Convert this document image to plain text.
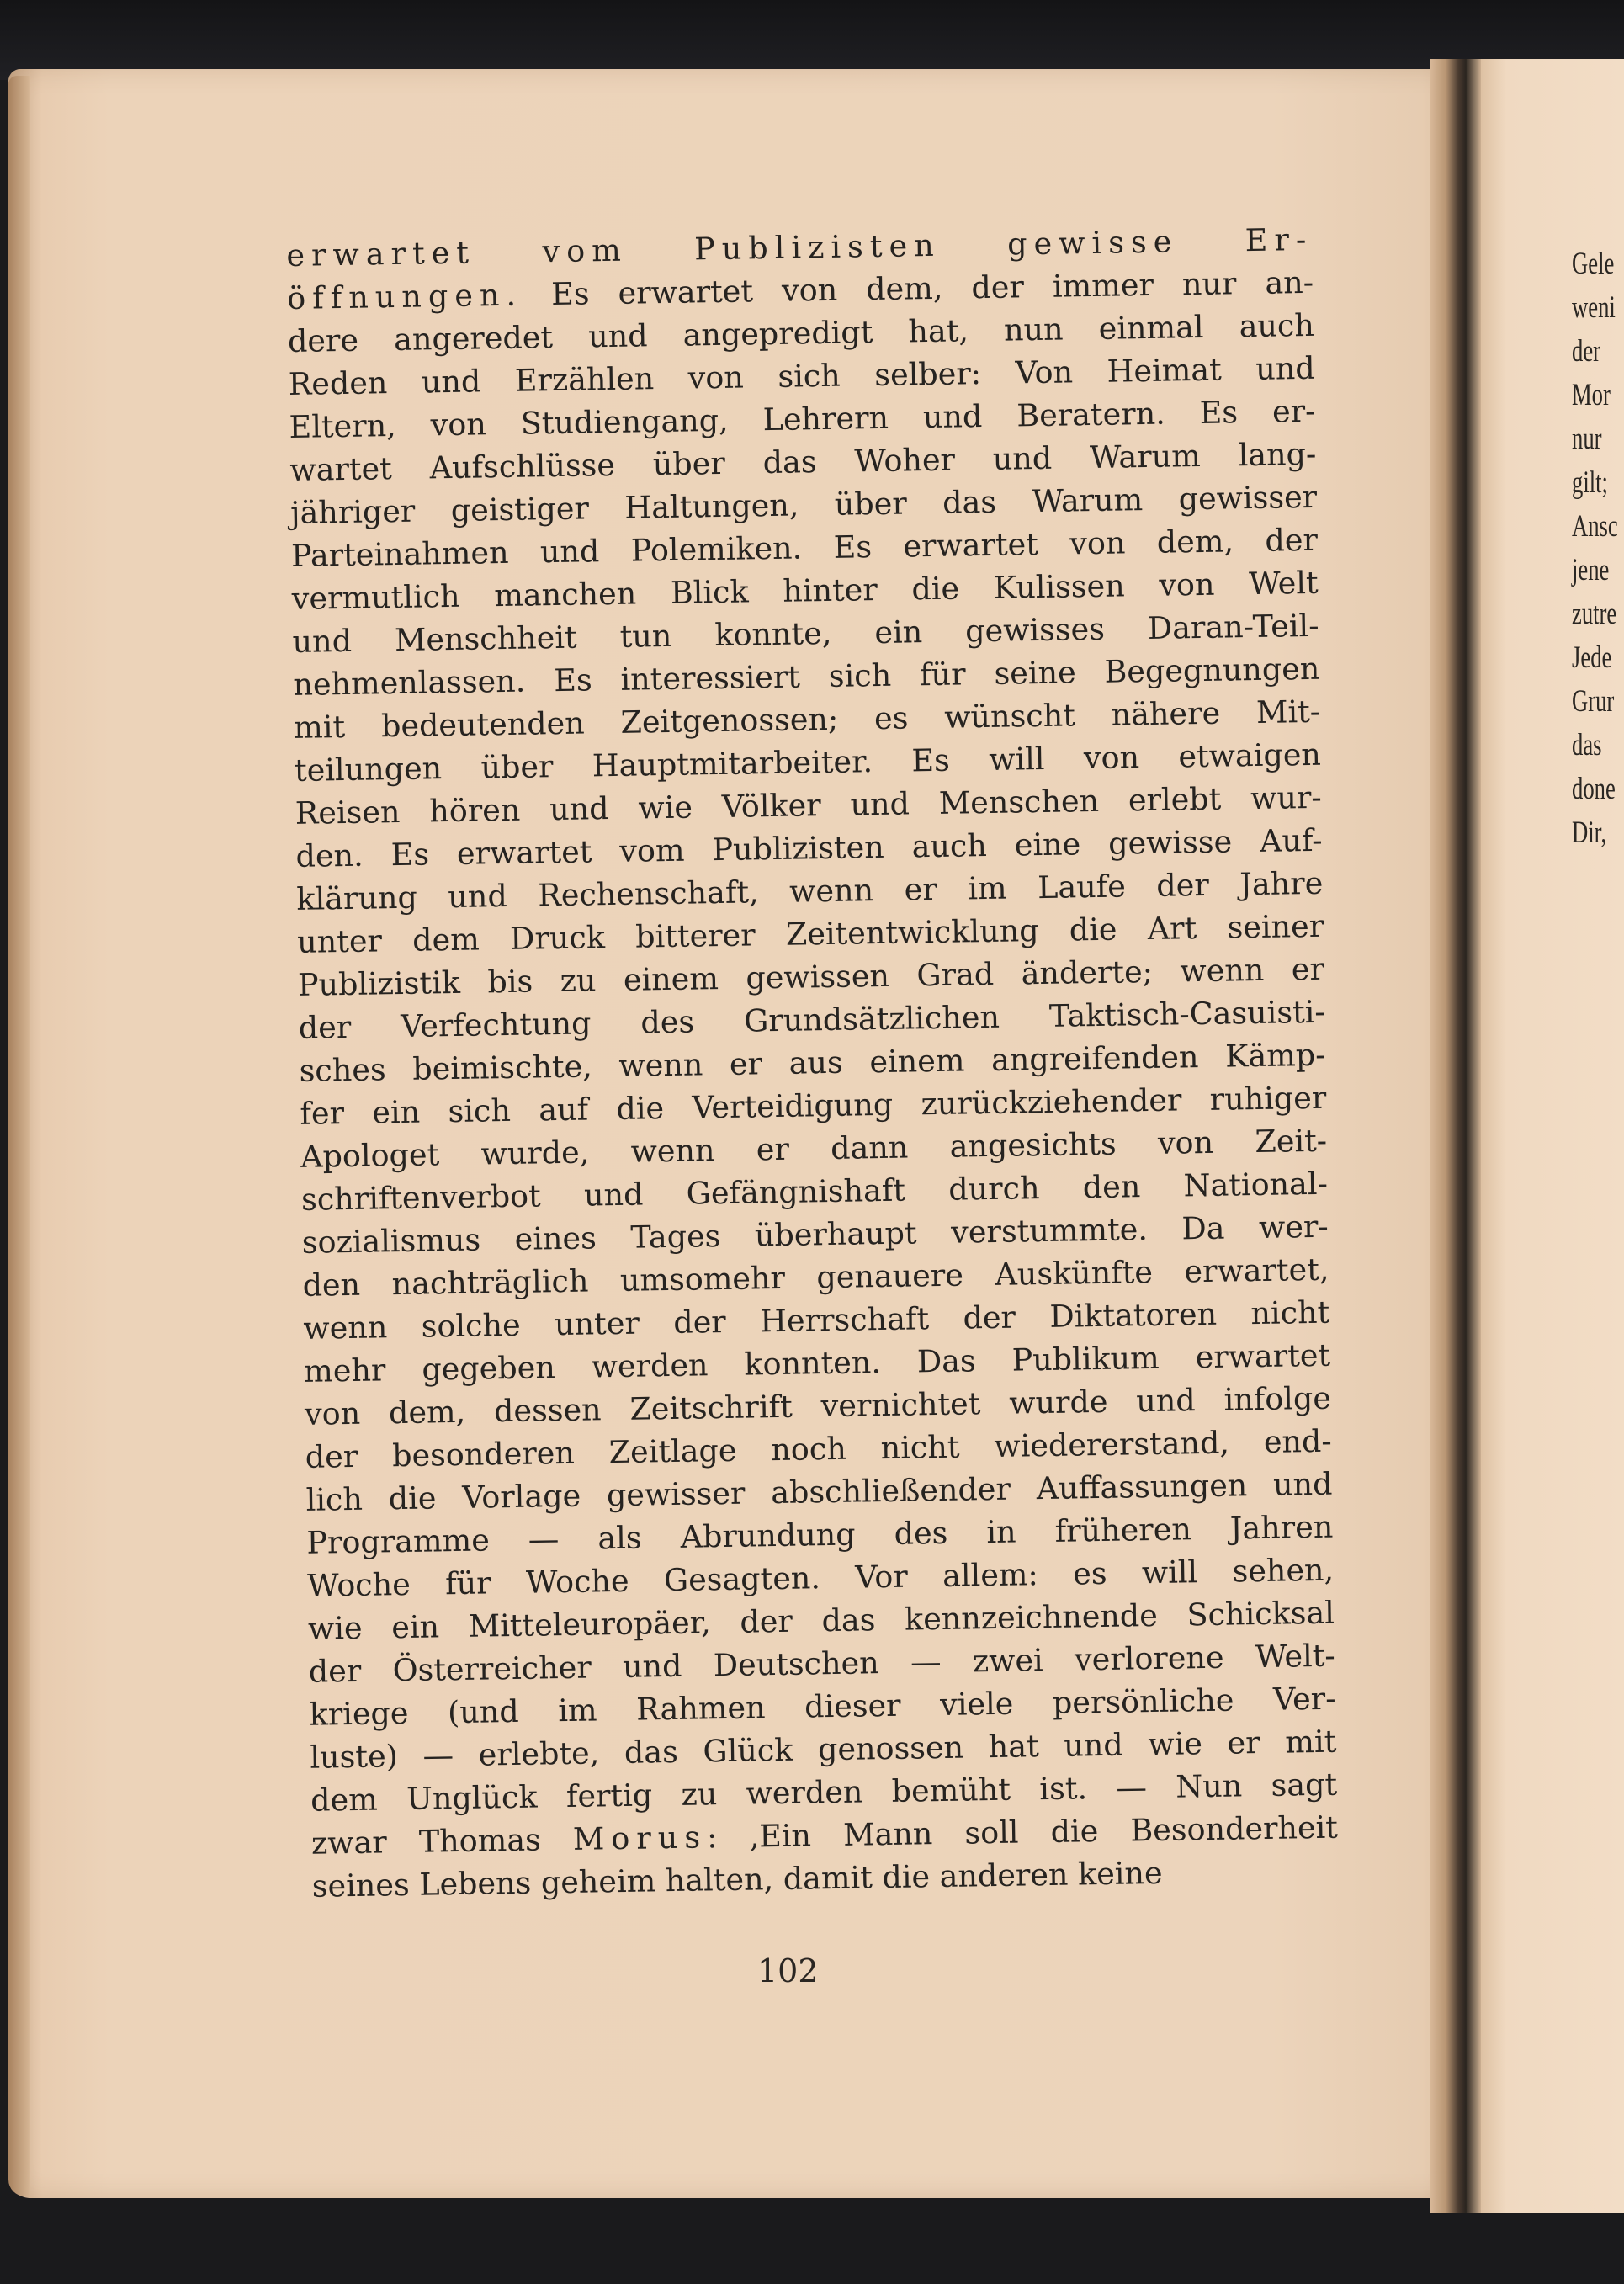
erwartet vom Publizisten gewisse Er-
öffnungen. Es erwartet von dem, der immer nur an-
dere angeredet und angepredigt hat, nun einmal auch
Reden und Erzählen von sich selber: Von Heimat und
Eltern, von Studiengang, Lehrern und Beratern. Es er-
wartet Aufschlüsse über das Woher und Warum lang-
jähriger geistiger Haltungen, über das Warum gewisser
Parteinahmen und Polemiken. Es erwartet von dem, der
vermutlich manchen Blick hinter die Kulissen von Welt
und Menschheit tun konnte, ein gewisses Daran-Teil-
nehmenlassen. Es interessiert sich für seine Begegnungen
mit bedeutenden Zeitgenossen; es wünscht nähere Mit-
teilungen über Hauptmitarbeiter. Es will von etwaigen
Reisen hören und wie Völker und Menschen erlebt wur-
den. Es erwartet vom Publizisten auch eine gewisse Auf-
klärung und Rechenschaft, wenn er im Laufe der Jahre
unter dem Druck bitterer Zeitentwicklung die Art seiner
Publizistik bis zu einem gewissen Grad änderte; wenn er
der Verfechtung des Grundsätzlichen Taktisch-Casuisti-
sches beimischte, wenn er aus einem angreifenden Kämp-
fer ein sich auf die Verteidigung zurückziehender ruhiger
Apologet wurde, wenn er dann angesichts von Zeit-
schriftenverbot und Gefängnishaft durch den National-
sozialismus eines Tages überhaupt verstummte. Da wer-
den nachträglich umsomehr genauere Auskünfte erwartet,
wenn solche unter der Herrschaft der Diktatoren nicht
mehr gegeben werden konnten. Das Publikum erwartet
von dem, dessen Zeitschrift vernichtet wurde und infolge
der besonderen Zeitlage noch nicht wiedererstand, end-
lich die Vorlage gewisser abschließender Auffassungen und
Programme — als Abrundung des in früheren Jahren
Woche für Woche Gesagten. Vor allem: es will sehen,
wie ein Mitteleuropäer, der das kennzeichnende Schicksal
der Österreicher und Deutschen — zwei verlorene Welt-
kriege (und im Rahmen dieser viele persönliche Ver-
luste) — erlebte, das Glück genossen hat und wie er mit
dem Unglück fertig zu werden bemüht ist. — Nun sagt
zwar Thomas Morus: ‚Ein Mann soll die Besonderheit
seines Lebens geheim halten, damit die anderen keine
102
Gele
weni
der
Mor
nur
gilt;
Ansc
jene
zutre
Jede
Grur
das
done
Dir,
